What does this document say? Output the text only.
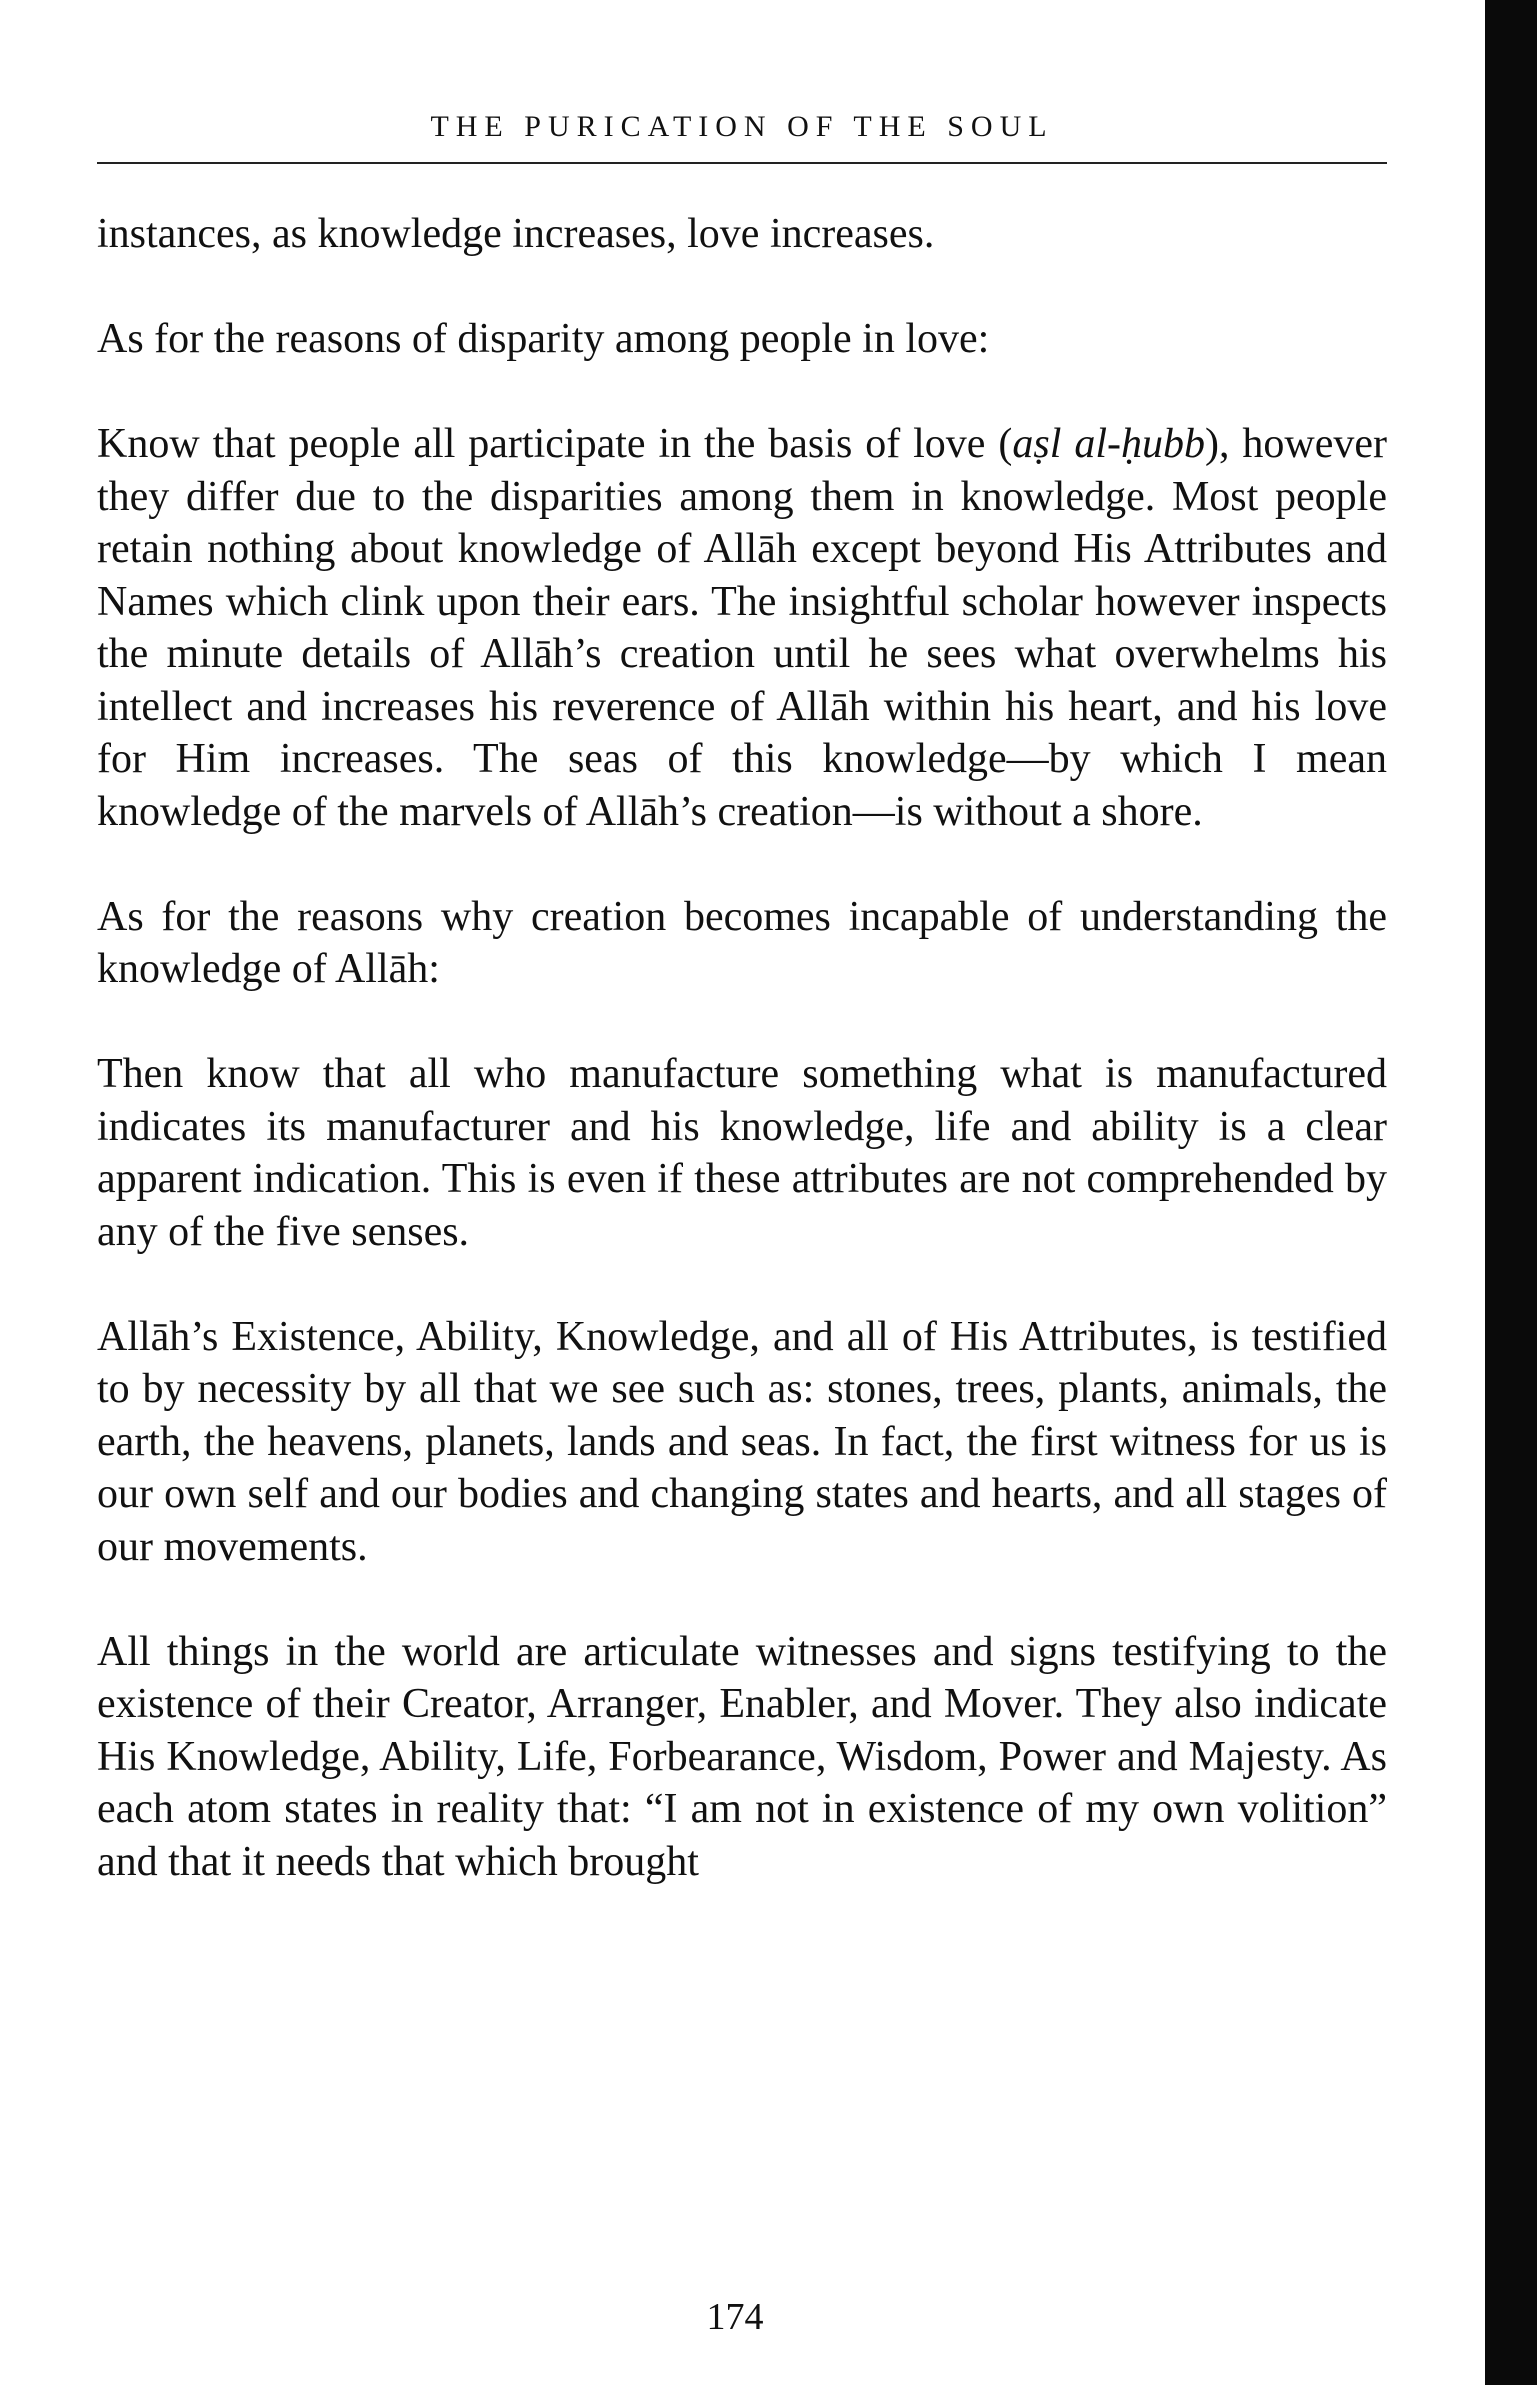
THE PURICATION OF THE SOUL

instances, as knowledge increases, love increases.

As for the reasons of disparity among people in love:

Know that people all participate in the basis of love (aṣl al-ḥubb), however they differ due to the disparities among them in knowledge. Most people retain nothing about knowledge of Allāh except beyond His Attributes and Names which clink upon their ears. The insightful scholar however inspects the minute details of Allāh’s creation until he sees what overwhelms his intellect and increases his reverence of Allāh within his heart, and his love for Him increases. The seas of this knowledge—by which I mean knowledge of the marvels of Allāh’s creation—is without a shore.

As for the reasons why creation becomes incapable of understanding the knowledge of Allāh:

Then know that all who manufacture something what is manufactured indicates its manufacturer and his knowledge, life and ability is a clear apparent indication. This is even if these attributes are not comprehended by any of the five senses.

Allāh’s Existence, Ability, Knowledge, and all of His Attributes, is testified to by necessity by all that we see such as: stones, trees, plants, animals, the earth, the heavens, planets, lands and seas. In fact, the first witness for us is our own self and our bodies and changing states and hearts, and all stages of our movements.

All things in the world are articulate witnesses and signs testifying to the existence of their Creator, Arranger, Enabler, and Mover. They also indicate His Knowledge, Ability, Life, Forbearance, Wisdom, Power and Majesty. As each atom states in reality that: “I am not in existence of my own volition” and that it needs that which brought

174
